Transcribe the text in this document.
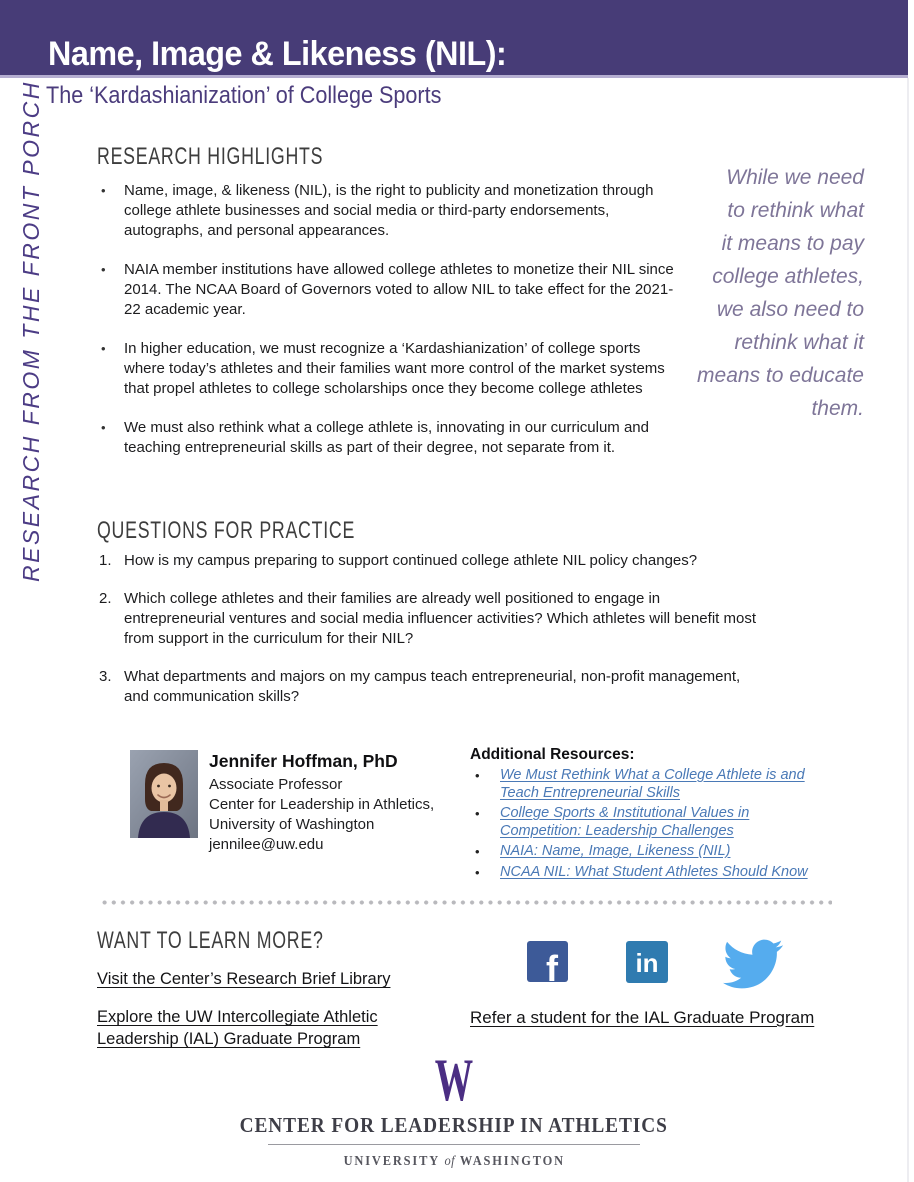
Name, Image & Likeness (NIL):
The ‘Kardashianization’ of College Sports
RESEARCH FROM THE FRONT PORCH RESEARCH HIGHLIGHTS
• Name, image, & likeness (NIL), is the right to publicity and monetization through college athlete businesses and social media or third-party endorsements, autographs, and personal appearances.
• NAIA member institutions have allowed college athletes to monetize their NIL since 2014. The NCAA Board of Governors voted to allow NIL to take effect for the 2021-22 academic year.
• In higher education, we must recognize a ‘Kardashianization’ of college sports where today’s athletes and their families want more control of the market systems that propel athletes to college scholarships once they become college athletes
• We must also rethink what a college athlete is, innovating in our curriculum and teaching entrepreneurial skills as part of their degree, not separate from it.
While we need
to rethink what
it means to pay
college athletes,
we also need to
rethink what it
means to educate
them.
QUESTIONS FOR PRACTICE
1. How is my campus preparing to support continued college athlete NIL policy changes?
2. Which college athletes and their families are already well positioned to engage in entrepreneurial ventures and social media influencer activities? Which athletes will benefit most from support in the curriculum for their NIL?
3. What departments and majors on my campus teach entrepreneurial, non-profit management, and communication skills?
Jennifer Hoffman, PhD
Associate Professor
Center for Leadership in Athletics,
University of Washington
jennilee@uw.edu
Additional Resources:
• We Must Rethink What a College Athlete is and
Teach Entrepreneurial Skills
• College Sports & Institutional Values in
Competition: Leadership Challenges
• NAIA: Name, Image, Likeness (NIL)
• NCAA NIL: What Student Athletes Should Know
WANT TO LEARN MORE?
Visit the Center’s Research Brief Library
Explore the UW Intercollegiate Athletic
Leadership (IAL) Graduate Program
Refer a student for the IAL Graduate Program
f	in
W
CENTER FOR LEADERSHIP IN ATHLETICS
UNIVERSITY of WASHINGTON
